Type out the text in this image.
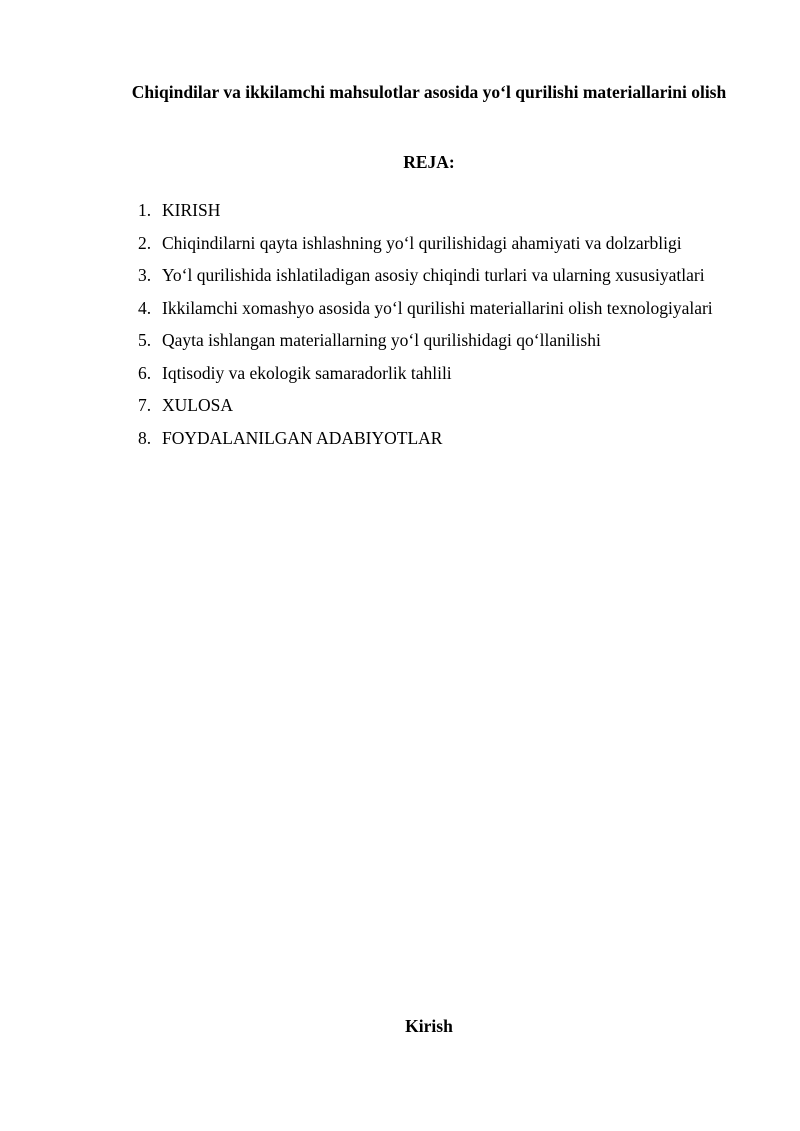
Chiqindilar va ikkilamchi mahsulotlar asosida yo‘l qurilishi materiallarini olish
REJA:
1. KIRISH
2. Chiqindilarni qayta ishlashning yo‘l qurilishidagi ahamiyati va dolzarbligi
3. Yo‘l qurilishida ishlatiladigan asosiy chiqindi turlari va ularning xususiyatlari
4. Ikkilamchi xomashyo asosida yo‘l qurilishi materiallarini olish texnologiyalari
5. Qayta ishlangan materiallarning yo‘l qurilishidagi qo‘llanilishi
6. Iqtisodiy va ekologik samaradorlik tahlili
7. XULOSA
8. FOYDALANILGAN ADABIYOTLAR
Kirish
